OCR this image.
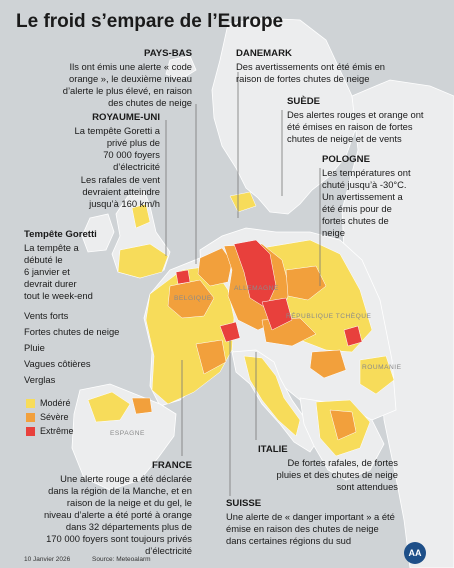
Le froid s’empare de l’Europe
PAYS-BAS
Ils ont émis une alerte « code
orange », le deuxième niveau
d’alerte le plus élevé, en raison
des chutes de neige
ROYAUME-UNI
La tempête Goretti a
privé plus de
70 000 foyers
d’électricité
Les rafales de vent
devraient atteindre
jusqu’à 160 km/h
Tempête Goretti
La tempête a
débuté le
6 janvier et
devrait durer
tout le week-end
Vents forts
Fortes chutes de neige
Pluie
Vagues côtières
Verglas
Modéré
Sévère
Extrême
DANEMARK
Des avertissements ont été émis en
raison de fortes chutes de neige
SUÈDE
Des alertes rouges et orange ont
été émises en raison de fortes
chutes de neige et de vents
POLOGNE
Les températures ont
chuté jusqu’à -30°C.
Un avertissement a
été émis pour de
fortes chutes de
neige
FRANCE
Une alerte rouge a été déclarée
dans la région de la Manche, et en
raison de la neige et du gel, le
niveau d’alerte a été porté à orange
dans 32 départements plus de
170 000 foyers sont toujours privés
d’électricité
ITALIE
De fortes rafales, de fortes
pluies et des chutes de neige
sont attendues
SUISSE
Une alerte de « danger important » a été
émise en raison des chutes de neige
dans certaines régions du sud
BELGIQUE
ALLEMAGNE
RÉPUBLIQUE TCHÈQUE
ROUMANIE
ESPAGNE
10 Janvier 2026	Source: Meteoalarm
AA
